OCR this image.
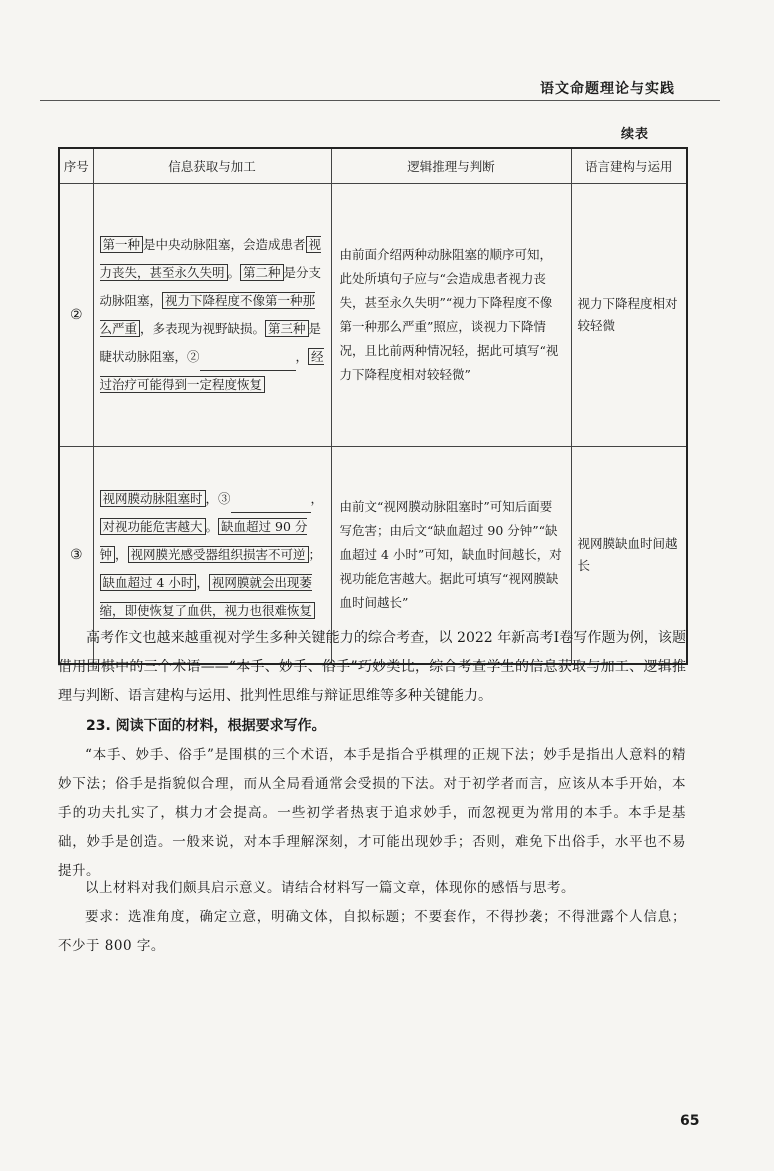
语文命题理论与实践
续表
序号	信息获取与加工	逻辑推理与判断	语言建构与运用
②	第一种 是中央动脉阻塞，会造成患者 视力丧失，甚至永久失明 。 第二种 是分支动脉阻塞， 视力下降程度不像第一种那么严重 ，多表现为视野缺损。 第三种 是睫状动脉阻塞，② ， 经过治疗可能得到一定程度恢复	由前面介绍两种动脉阻塞的顺序可知，此处所填句子应与“会造成患者视力丧失，甚至永久失明”“视力下降程度不像第一种那么严重”照应，谈视力下降情况，且比前两种情况轻，据此可填写“视力下降程度相对较轻微”	视力下降程度相对较轻微
③	视网膜动脉阻塞时 ，③ ，对视功能危害越大 。 缺血超过 90 分钟 ， 视网膜光感受器组织损害不可逆 ；缺血超过 4 小时 ， 视网膜就会出现萎缩，即使恢复了血供，视力也很难恢复	由前文“视网膜动脉阻塞时”可知后面要写危害；由后文“缺血超过 90 分钟”“缺血超过 4 小时”可知，缺血时间越长，对视功能危害越大。据此可填写“视网膜缺血时间越长”	视网膜缺血时间越长

高考作文也越来越重视对学生多种关键能力的综合考查，以 2022 年新高考Ⅰ卷写作题为例，该题借用围棋中的三个术语——“本手、妙手、俗手”巧妙类比，综合考查学生的信息获取与加工、逻辑推理与判断、语言建构与运用、批判性思维与辩证思维等多种关键能力。

23. 阅读下面的材料，根据要求写作。

“本手、妙手、俗手”是围棋的三个术语，本手是指合乎棋理的正规下法；妙手是指出人意料的精妙下法；俗手是指貌似合理，而从全局看通常会受损的下法。对于初学者而言，应该从本手开始，本手的功夫扎实了，棋力才会提高。一些初学者热衷于追求妙手，而忽视更为常用的本手。本手是基础，妙手是创造。一般来说，对本手理解深刻，才可能出现妙手；否则，难免下出俗手，水平也不易提升。

以上材料对我们颇具启示意义。请结合材料写一篇文章，体现你的感悟与思考。

要求：选准角度，确定立意，明确文体，自拟标题；不要套作，不得抄袭；不得泄露个人信息；不少于 800 字。

65
